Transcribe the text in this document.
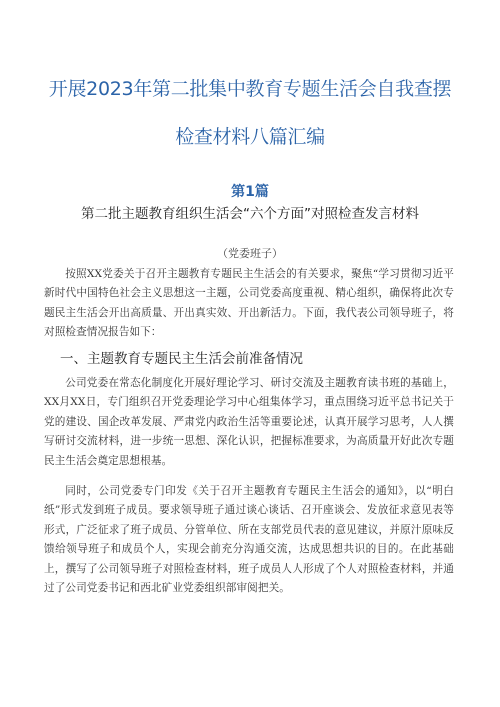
开展2023年第二批集中教育专题生活会自我查摆
检查材料八篇汇编

第1篇

第二批主题教育组织生活会“六个方面”对照检查发言材料

（党委班子）

按照XX党委关于召开主题教育专题民主生活会的有关要求，聚焦“学习贯彻习近平新时代中国特色社会主义思想这一主题，公司党委高度重视、精心组织，确保将此次专题民主生活会开出高质量、开出真实效、开出新活力。下面，我代表公司领导班子，将对照检查情况报告如下：

一、主题教育专题民主生活会前准备情况

公司党委在常态化制度化开展好理论学习、研讨交流及主题教育读书班的基础上，XX月XX日，专门组织召开党委理论学习中心组集体学习，重点围绕习近平总书记关于党的建设、国企改革发展、严肃党内政治生活等重要论述，认真开展学习思考，人人撰写研讨交流材料，进一步统一思想、深化认识，把握标准要求，为高质量开好此次专题民主生活会奠定思想根基。

同时，公司党委专门印发《关于召开主题教育专题民主生活会的通知》，以“明白纸”形式发到班子成员。要求领导班子通过谈心谈话、召开座谈会、发放征求意见表等形式，广泛征求了班子成员、分管单位、所在支部党员代表的意见建议，并原汁原味反馈给领导班子和成员个人，实现会前充分沟通交流，达成思想共识的目的。在此基础上，撰写了公司领导班子对照检查材料，班子成员人人形成了个人对照检查材料，并通过了公司党委书记和西北矿业党委组织部审阅把关。
